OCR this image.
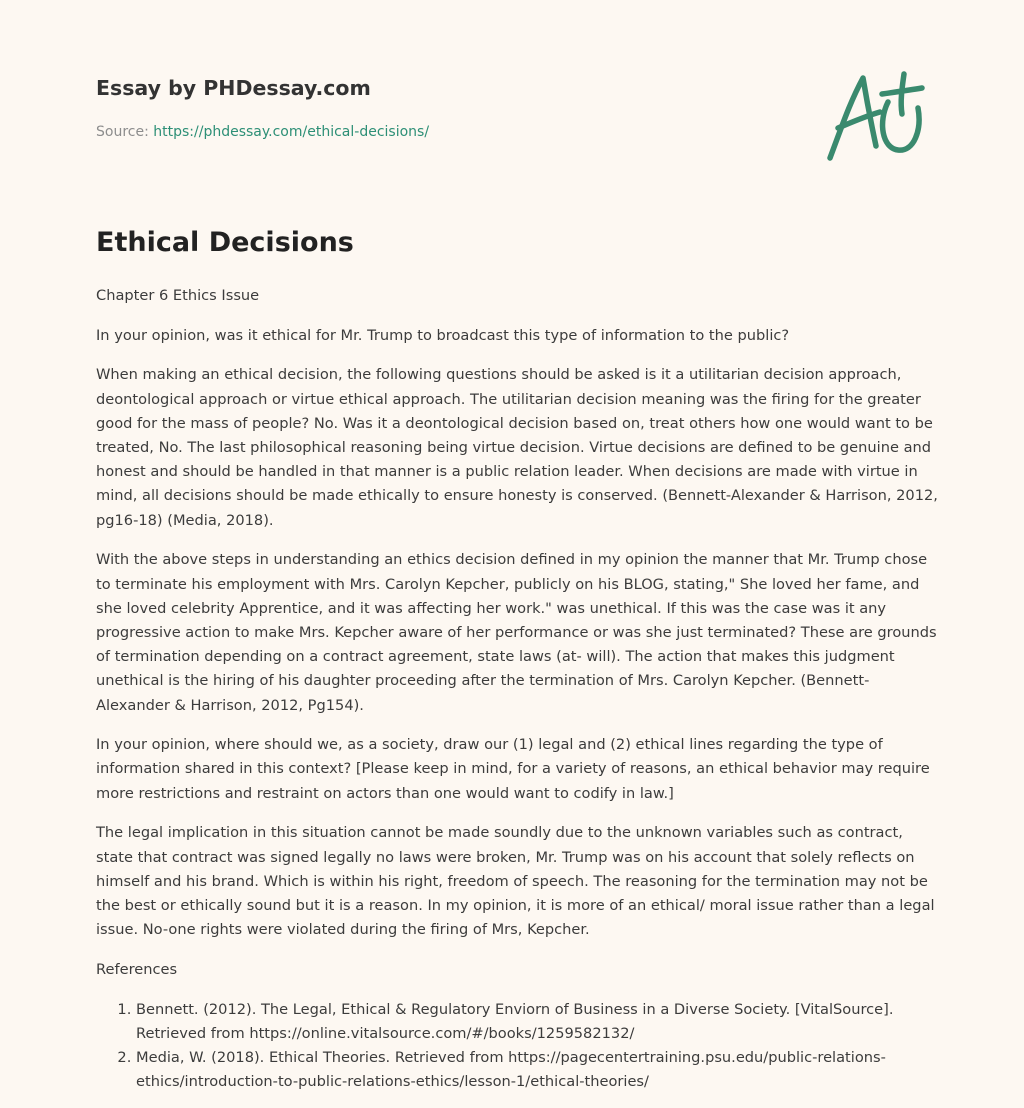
Essay by PHDessay.com
Source: https://phdessay.com/ethical-decisions/
Ethical Decisions

Chapter 6 Ethics Issue

In your opinion, was it ethical for Mr. Trump to broadcast this type of information to the public?

When making an ethical decision, the following questions should be asked is it a utilitarian decision approach, deontological approach or virtue ethical approach. The utilitarian decision meaning was the firing for the greater good for the mass of people? No. Was it a deontological decision based on, treat others how one would want to be treated, No. The last philosophical reasoning being virtue decision. Virtue decisions are defined to be genuine and honest and should be handled in that manner is a public relation leader. When decisions are made with virtue in mind, all decisions should be made ethically to ensure honesty is conserved. (Bennett-Alexander & Harrison, 2012, pg16-18) (Media, 2018).

With the above steps in understanding an ethics decision defined in my opinion the manner that Mr. Trump chose to terminate his employment with Mrs. Carolyn Kepcher, publicly on his BLOG, stating," She loved her fame, and she loved celebrity Apprentice, and it was affecting her work." was unethical. If this was the case was it any progressive action to make Mrs. Kepcher aware of her performance or was she just terminated? These are grounds of termination depending on a contract agreement, state laws (at- will). The action that makes this judgment unethical is the hiring of his daughter proceeding after the termination of Mrs. Carolyn Kepcher. (Bennett-Alexander & Harrison, 2012, Pg154).

In your opinion, where should we, as a society, draw our (1) legal and (2) ethical lines regarding the type of information shared in this context? [Please keep in mind, for a variety of reasons, an ethical behavior may require more restrictions and restraint on actors than one would want to codify in law.]

The legal implication in this situation cannot be made soundly due to the unknown variables such as contract, state that contract was signed legally no laws were broken, Mr. Trump was on his account that solely reflects on himself and his brand. Which is within his right, freedom of speech. The reasoning for the termination may not be the best or ethically sound but it is a reason. In my opinion, it is more of an ethical/ moral issue rather than a legal issue. No-one rights were violated during the firing of Mrs, Kepcher.

References

1. Bennett. (2012). The Legal, Ethical & Regulatory Enviorn of Business in a Diverse Society. [VitalSource]. Retrieved from https://online.vitalsource.com/#/books/1259582132/
2. Media, W. (2018). Ethical Theories. Retrieved from https://pagecentertraining.psu.edu/public-relations-ethics/introduction-to-public-relations-ethics/lesson-1/ethical-theories/
